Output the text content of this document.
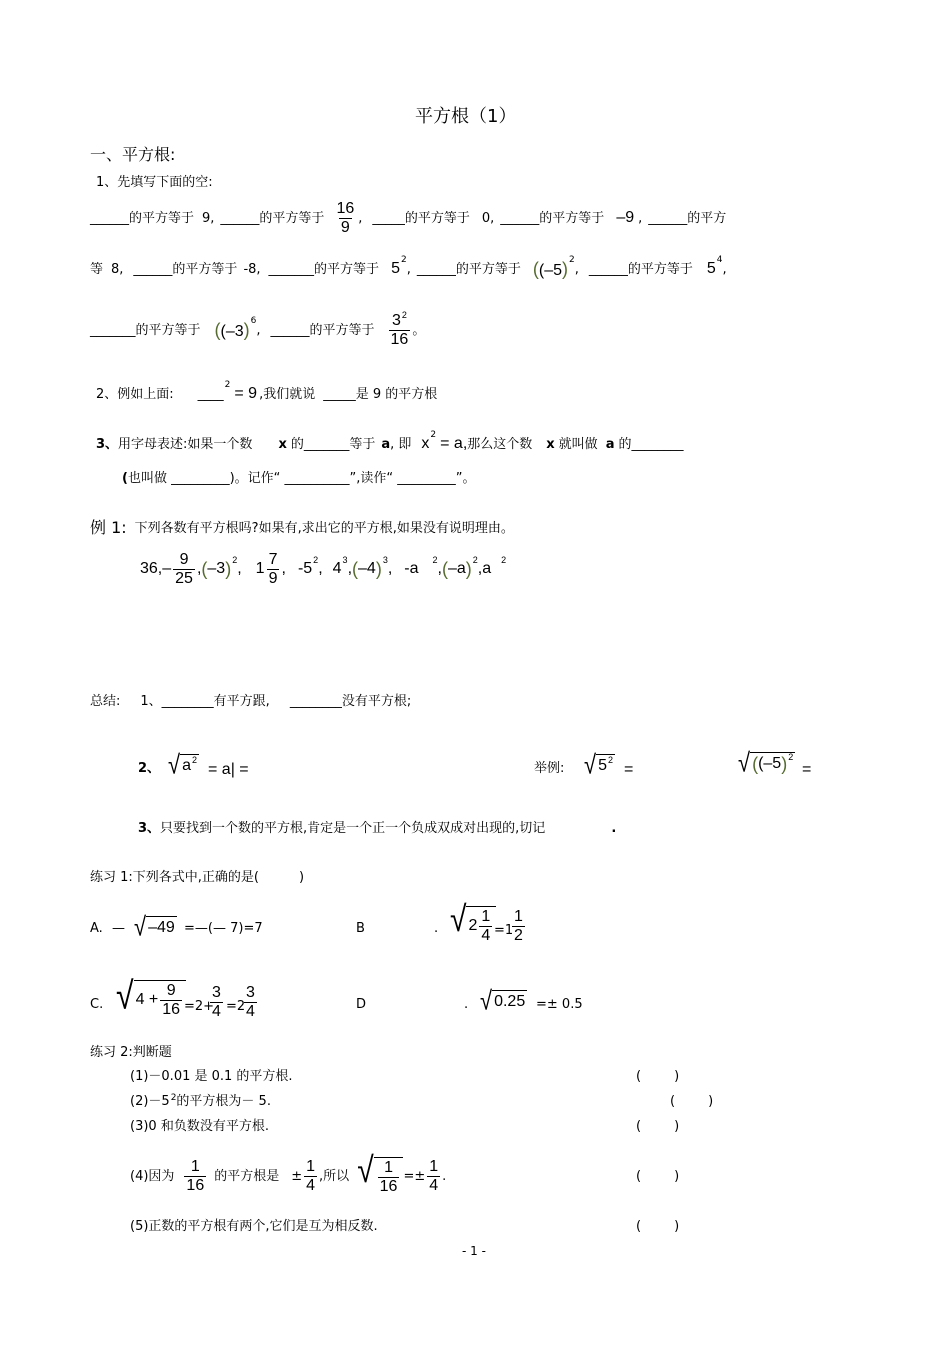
平方根（1）
一、平方根:
1、先填写下面的空:
______的平方等于 9, ______的平方等于 $\frac{16}{9}$ , _____的平方等于 0, ______的平方等于 –9 , ______的平方
等 8, ______的平方等于 -8, _______的平方等于 5
2
, ______的平方等于 ((–5) 2
, ______的平方等于 5
4
,
_______的平方等于 ((–3) 6
, ______的平方等于 $\frac{3^2}{16}$ 。
2、例如上面: ____
2
= 9 ,我们就说 _____是 9 的平方根
3、 用字母表述:如果一个数 x 的_______等于 a , 即 x
2
= a, 那么这个数 x 就叫做 a 的________
(也叫做 _________)。记作“ __________”,读作“ _________”。
例 1: 下列各数有平方根吗?如果有,求出它的平方根,如果没有说明理由。
36, – $\frac{9}{25}$ , ( –3 ) 2
, $1 \frac{7}{9}$ , -5
2
, 4
3
, ( –4 ) 3
, -a
2
, ( –a ) 2
,a
2
总结: 1、 ________有平方跟, ________没有平方根;
2、 √ a 2
= a| =	举例: √ 5 2
=	√ ( (–5 ) 2
=
3、 只要找到一个数的平方根,肯定是一个正一个负成双成对出现的,切记	.
练习 1:下列各式中,正确的是(	)
A. — √ –49 =—(— 7)=7	B	. √ $2 \frac{1}{4} =1$
$\frac{1}{2}$
C. √ $4 + \frac{9}{16} =2+$
$\frac{3}{4} =2$
$\frac{3}{4}$	D	. √ 0.25 =± 0.5
练习 2:判断题
(1)－0.01 是 0.1 的平方根.	(        )
$(2)-5^2$的平方根为－ 5.	(        )
(3)0 和负数没有平方根.	(        )
(4)因为 $\frac{1}{16}$ 的平方根是 ± $\frac{1}{4}$ ,所以 √ $\frac{1}{16} =\pm \frac{1}{4}$ .	(        )
(5)正数的平方根有两个,它们是互为相反数.	(        )
- 1 -
